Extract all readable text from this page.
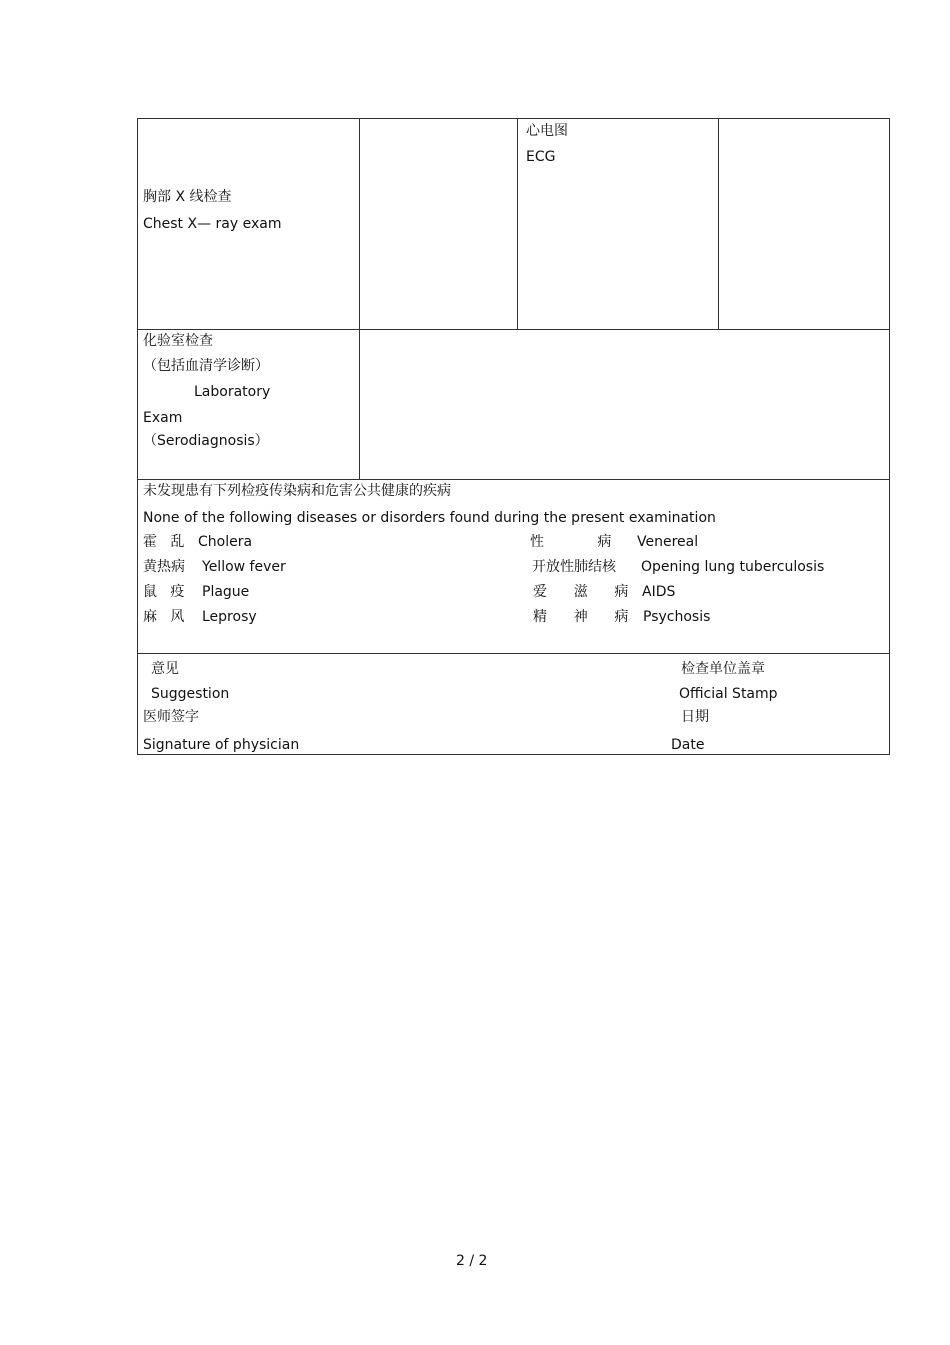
胸部 X 线检查
Chest X— ray exam
心电图
ECG
化验室检查
（包括血清学诊断）
Laboratory
Exam
（Serodiagnosis）
未发现患有下列检疫传染病和危害公共健康的疾病
None of the following diseases or disorders found during the present examination
霍   乱 Cholera
黄热病 Yellow fever
鼠   疫 Plague
麻   风 Leprosy
性            病 Venereal
开放性肺结核 Opening lung tuberculosis
爱      滋      病 AIDS
精      神      病 Psychosis
意见
Suggestion
检查单位盖章
Official Stamp
医师签字
Signature of physician
日期
Date
2 / 2
